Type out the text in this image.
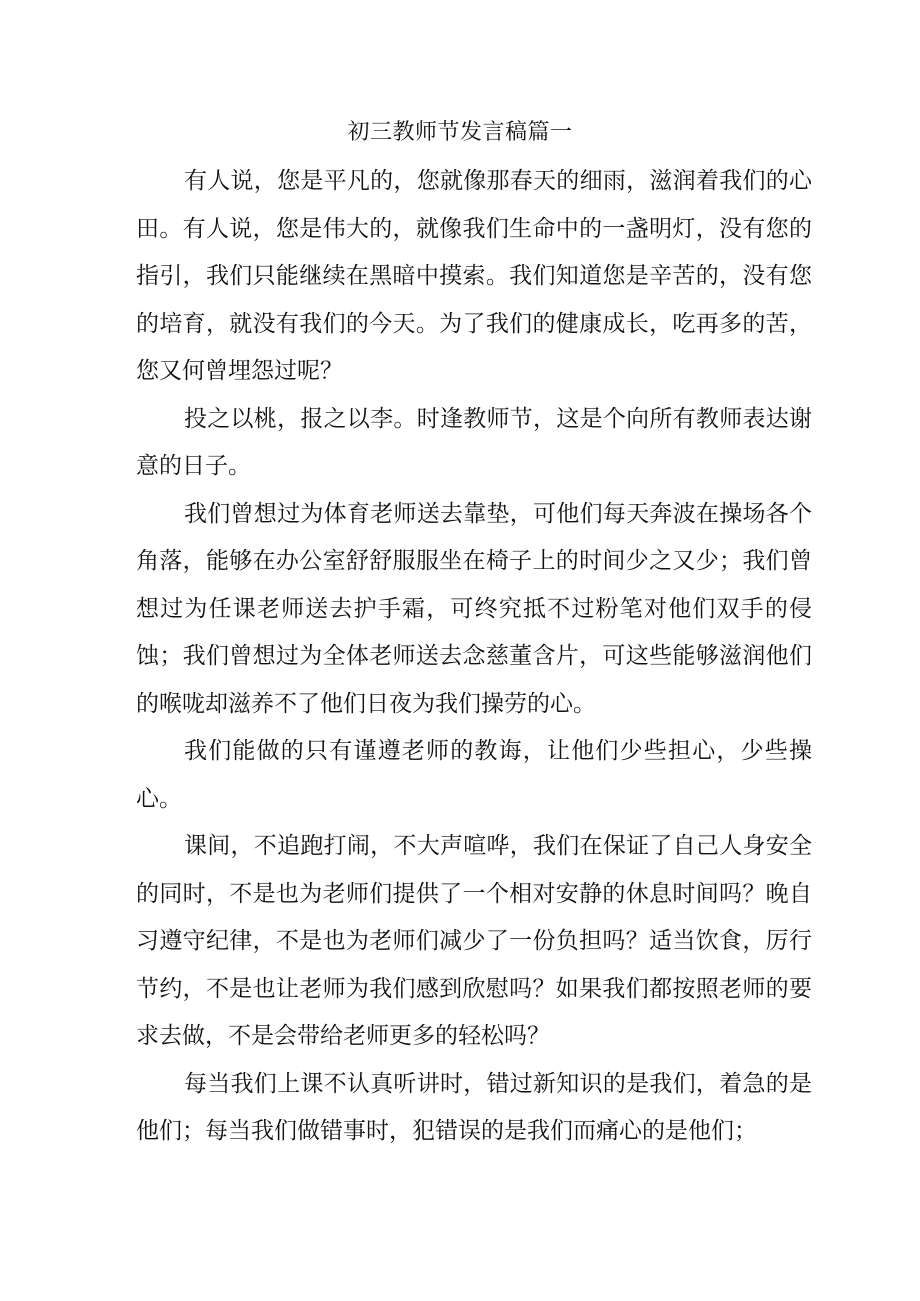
初三教师节发言稿篇一

有人说，您是平凡的，您就像那春天的细雨，滋润着我们的心田。有人说，您是伟大的，就像我们生命中的一盏明灯，没有您的指引，我们只能继续在黑暗中摸索。我们知道您是辛苦的，没有您的培育，就没有我们的今天。为了我们的健康成长，吃再多的苦，您又何曾埋怨过呢？

投之以桃，报之以李。时逢教师节，这是个向所有教师表达谢意的日子。

我们曾想过为体育老师送去靠垫，可他们每天奔波在操场各个角落，能够在办公室舒舒服服坐在椅子上的时间少之又少；我们曾想过为任课老师送去护手霜，可终究抵不过粉笔对他们双手的侵蚀；我们曾想过为全体老师送去念慈董含片，可这些能够滋润他们的喉咙却滋养不了他们日夜为我们操劳的心。

我们能做的只有谨遵老师的教诲，让他们少些担心，少些操心。

课间，不追跑打闹，不大声喧哗，我们在保证了自己人身安全的同时，不是也为老师们提供了一个相对安静的休息时间吗？晚自习遵守纪律，不是也为老师们减少了一份负担吗？适当饮食，厉行节约，不是也让老师为我们感到欣慰吗？如果我们都按照老师的要求去做，不是会带给老师更多的轻松吗？

每当我们上课不认真听讲时，错过新知识的是我们，着急的是他们；每当我们做错事时，犯错误的是我们而痛心的是他们；
